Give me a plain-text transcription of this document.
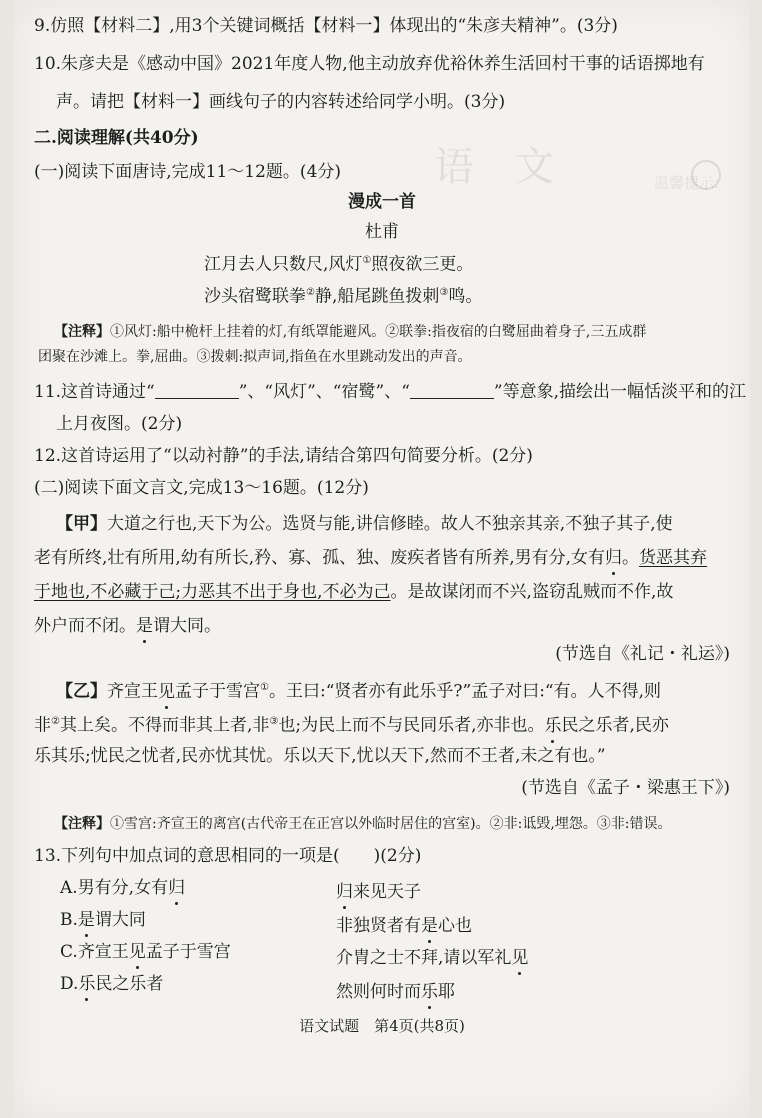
语　文	温馨提示:
9.仿照【材料二】,用3个关键词概括【材料一】体现出的“朱彦夫精神”。(3分)
10.朱彦夫是《感动中国》2021年度人物,他主动放弃优裕休养生活回村干事的话语掷地有
声。请把【材料一】画线句子的内容转述给同学小明。(3分)
二.阅读理解(共40分)
(一)阅读下面唐诗,完成11～12题。(4分)
漫成一首
杜甫
江月去人只数尺,风灯①照夜欲三更。
沙头宿鹭联拳②静,船尾跳鱼拨刺③鸣。
【注释】①风灯:船中桅杆上挂着的灯,有纸罩能避风。②联拳:指夜宿的白鹭屈曲着身子,三五成群
团聚在沙滩上。拳,屈曲。③拨刺:拟声词,指鱼在水里跳动发出的声音。
11.这首诗通过“	”、“风灯”、“宿鹭”、“	”等意象,描绘出一幅恬淡平和的江
上月夜图。(2分)
12.这首诗运用了“以动衬静”的手法,请结合第四句简要分析。(2分)
(二)阅读下面文言文,完成13～16题。(12分)
【甲】大道之行也,天下为公。选贤与能,讲信修睦。故人不独亲其亲,不独子其子,使
老有所终,壮有所用,幼有所长,矜、寡、孤、独、废疾者皆有所养,男有分,女有归。货恶其弃
于地也,不必藏于己;力恶其不出于身也,不必为己。是故谋闭而不兴,盗窃乱贼而不作,故
外户而不闭。是谓大同。
(节选自《礼记・礼运》)
【乙】齐宣王见孟子于雪宫①。王曰:“贤者亦有此乐乎?”孟子对曰:“有。人不得,则
非②其上矣。不得而非其上者,非③也;为民上而不与民同乐者,亦非也。乐民之乐者,民亦
乐其乐;忧民之忧者,民亦忧其忧。乐以天下,忧以天下,然而不王者,未之有也。”
(节选自《孟子・梁惠王下》)
【注释】①雪宫:齐宣王的离宫(古代帝王在正宫以外临时居住的宫室)。②非:诋毁,埋怨。③非:错误。
13.下列句中加点词的意思相同的一项是(　　)(2分)
A.男有分,女有归	归来见天子
B.是谓大同	非独贤者有是心也
C.齐宣王见孟子于雪宫	介胄之士不拜,请以军礼见
D.乐民之乐者	然则何时而乐耶
语文试题　第4页(共8页)
